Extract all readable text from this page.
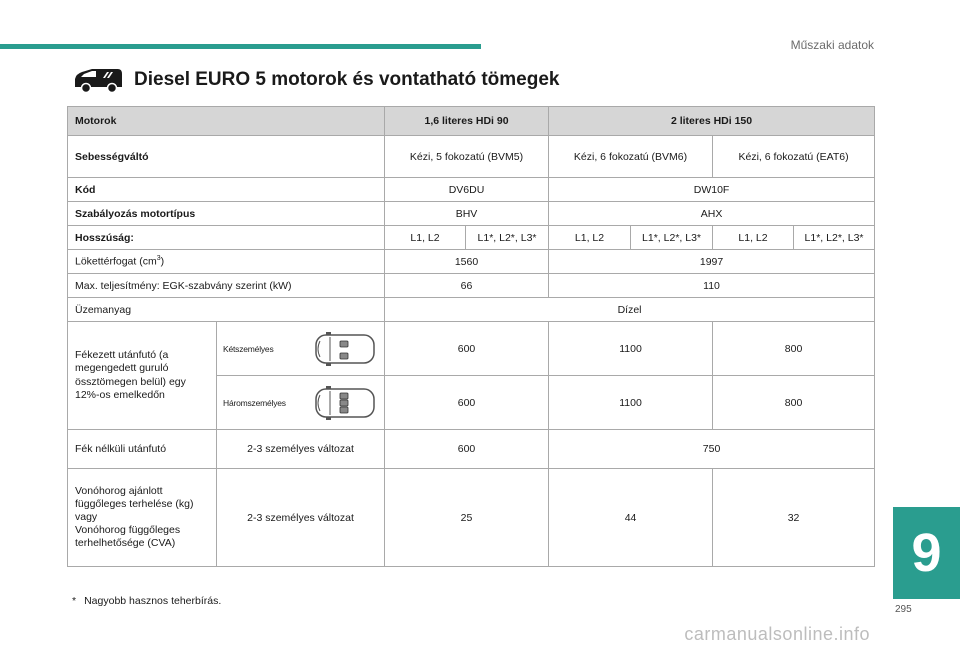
Műszaki adatok
Diesel EURO 5 motorok és vontatható tömegek
Motorok		1,6 literes HDi 90		2 literes HDi 150			
Sebességváltó		Kézi, 5 fokozatú (BVM5)		Kézi, 6 fokozatú (BVM6)		Kézi, 6 fokozatú (EAT6)	
Kód		DV6DU		DW10F			
Szabályozás motortípus		BHV		AHX			
Hosszúság:		L1, L2	L1*, L2*, L3*	L1, L2	L1*, L2*, L3*	L1, L2	L1*, L2*, L3*
Lökettérfogat $(cm^3)$		1560		1997			
Max. teljesítmény: EGK-szabvány szerint (kW)		66		110			
Üzemanyag		Dízel					
Fékezett utánfutó (a megengedett guruló össztömegen belül) egy 12%-os emelkedőn	Kétszemélyes	600		1100		800	

	Háromszemélyes	600		1100		800	
Fék nélküli utánfutó	2-3 személyes változat	600		750			

Vonóhorog ajánlott
függőleges terhelése (kg)
vagy
Vonóhorog függőleges
terhelhetősége (CVA)	2-3 személyes változat	25		44		32	
* Nagyobb hasznos teherbírás.
9
295
carmanualsonline.info
